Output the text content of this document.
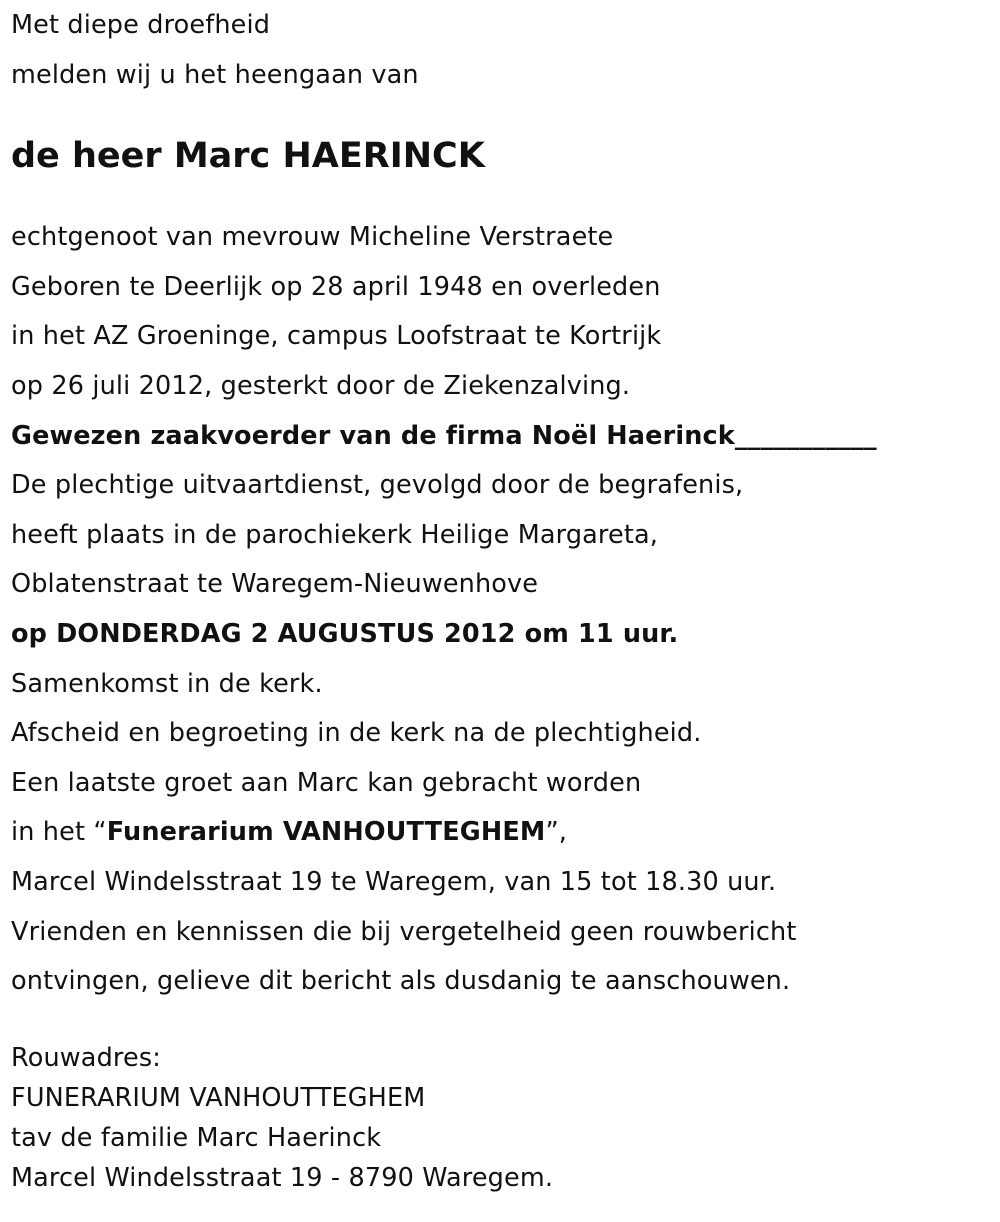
Met diepe droefheid
melden wij u het heengaan van
de heer Marc HAERINCK
echtgenoot van mevrouw Micheline Verstraete
Geboren te Deerlijk op 28 april 1948 en overleden
in het AZ Groeninge, campus Loofstraat te Kortrijk
op 26 juli 2012, gesterkt door de Ziekenzalving.
Gewezen zaakvoerder van de firma Noël Haerinck___________
De plechtige uitvaartdienst, gevolgd door de begrafenis,
heeft plaats in de parochiekerk Heilige Margareta,
Oblatenstraat te Waregem-Nieuwenhove
op DONDERDAG 2 AUGUSTUS 2012 om 11 uur.
Samenkomst in de kerk.
Afscheid en begroeting in de kerk na de plechtigheid.
Een laatste groet aan Marc kan gebracht worden
in het “Funerarium VANHOUTTEGHEM”,
Marcel Windelsstraat 19 te Waregem, van 15 tot 18.30 uur.
Vrienden en kennissen die bij vergetelheid geen rouwbericht
ontvingen, gelieve dit bericht als dusdanig te aanschouwen.
Rouwadres:
FUNERARIUM VANHOUTTEGHEM
tav de familie Marc Haerinck
Marcel Windelsstraat 19 - 8790 Waregem.
